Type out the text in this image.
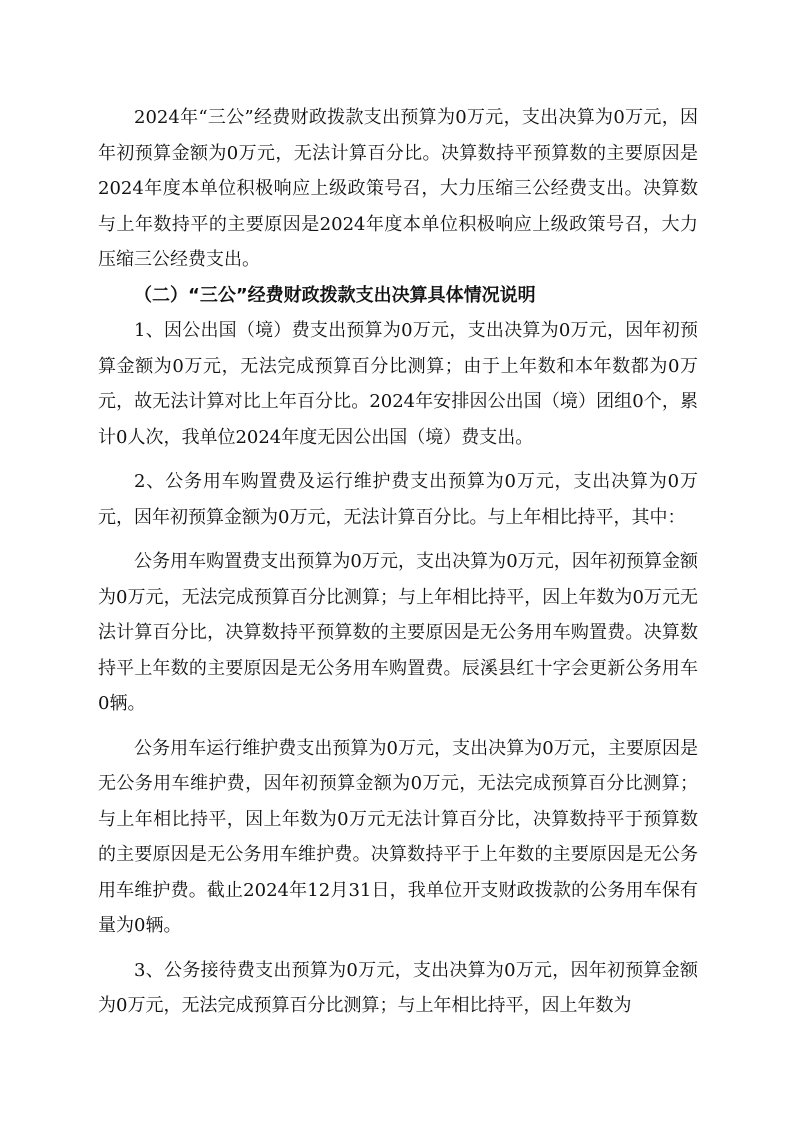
2024年“三公”经费财政拨款支出预算为0万元，支出决算为0万元，因年初预算金额为0万元，无法计算百分比。决算数持平预算数的主要原因是2024年度本单位积极响应上级政策号召，大力压缩三公经费支出。决算数与上年数持平的主要原因是2024年度本单位积极响应上级政策号召，大力压缩三公经费支出。

（二）“三公”经费财政拨款支出决算具体情况说明

1、因公出国（境）费支出预算为0万元，支出决算为0万元，因年初预算金额为0万元，无法完成预算百分比测算；由于上年数和本年数都为0万元，故无法计算对比上年百分比。2024年安排因公出国（境）团组0个，累计0人次，我单位2024年度无因公出国（境）费支出。

2、公务用车购置费及运行维护费支出预算为0万元，支出决算为0万元，因年初预算金额为0万元，无法计算百分比。与上年相比持平，其中：

公务用车购置费支出预算为0万元，支出决算为0万元，因年初预算金额为0万元，无法完成预算百分比测算；与上年相比持平，因上年数为0万元无法计算百分比，决算数持平预算数的主要原因是无公务用车购置费。决算数持平上年数的主要原因是无公务用车购置费。辰溪县红十字会更新公务用车0辆。

公务用车运行维护费支出预算为0万元，支出决算为0万元，主要原因是无公务用车维护费，因年初预算金额为0万元，无法完成预算百分比测算；与上年相比持平，因上年数为0万元无法计算百分比，决算数持平于预算数的主要原因是无公务用车维护费。决算数持平于上年数的主要原因是无公务用车维护费。截止2024年12月31日，我单位开支财政拨款的公务用车保有量为0辆。

3、公务接待费支出预算为0万元，支出决算为0万元，因年初预算金额为0万元，无法完成预算百分比测算；与上年相比持平，因上年数为
